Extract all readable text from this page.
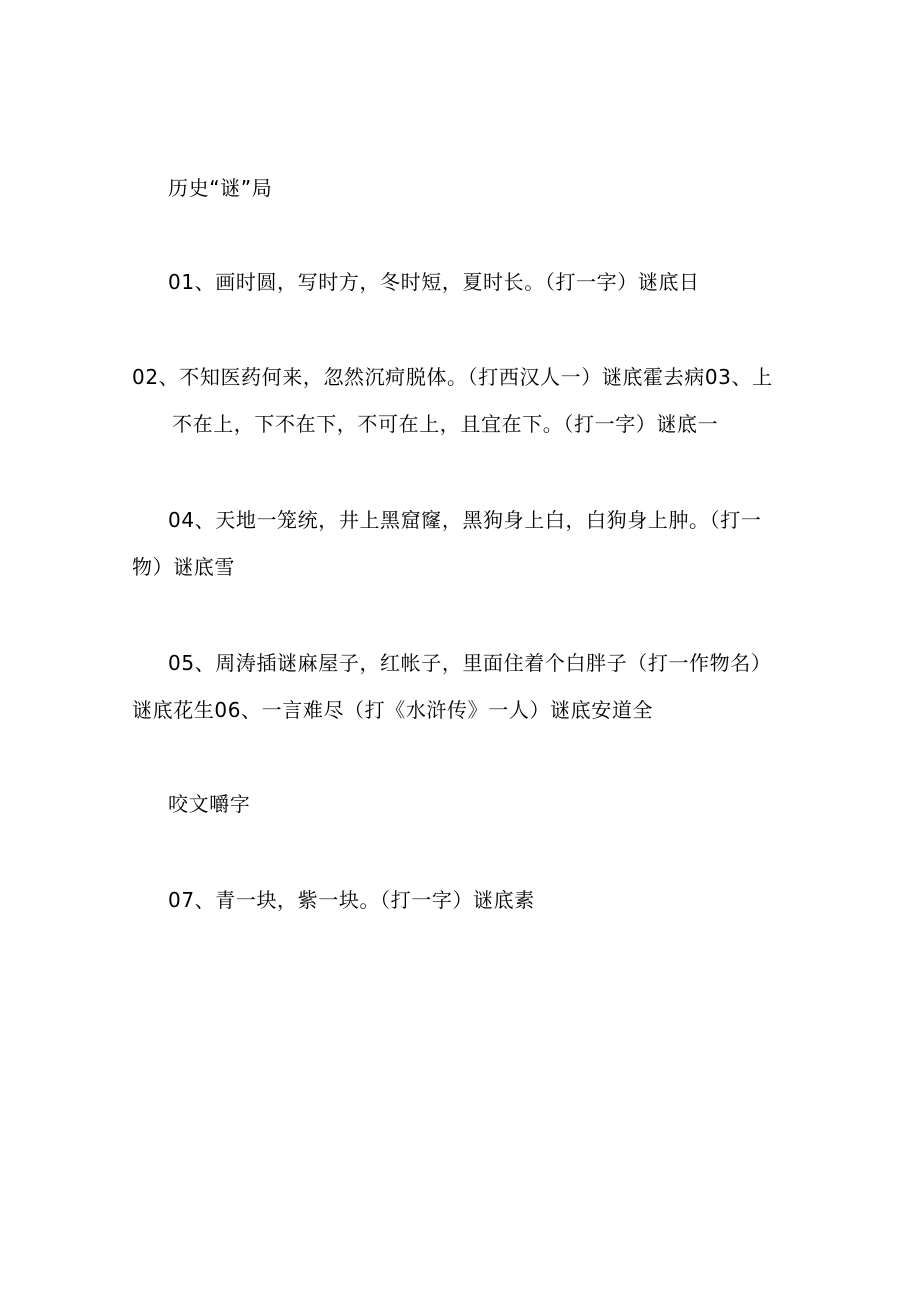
历史“谜”局
01、画时圆，写时方，冬时短，夏时长。（打一字）谜底日
02、不知医药何来，忽然沉疴脱体。（打西汉人一）谜底霍去病03、上
不在上，下不在下，不可在上，且宜在下。（打一字）谜底一
04、天地一笼统，井上黑窟窿，黑狗身上白，白狗身上肿。（打一
物）谜底雪
05、周涛插谜麻屋子，红帐子，里面住着个白胖子（打一作物名）
谜底花生06、一言难尽（打《水浒传》一人）谜底安道全
咬文嚼字
07、青一块，紫一块。（打一字）谜底素
